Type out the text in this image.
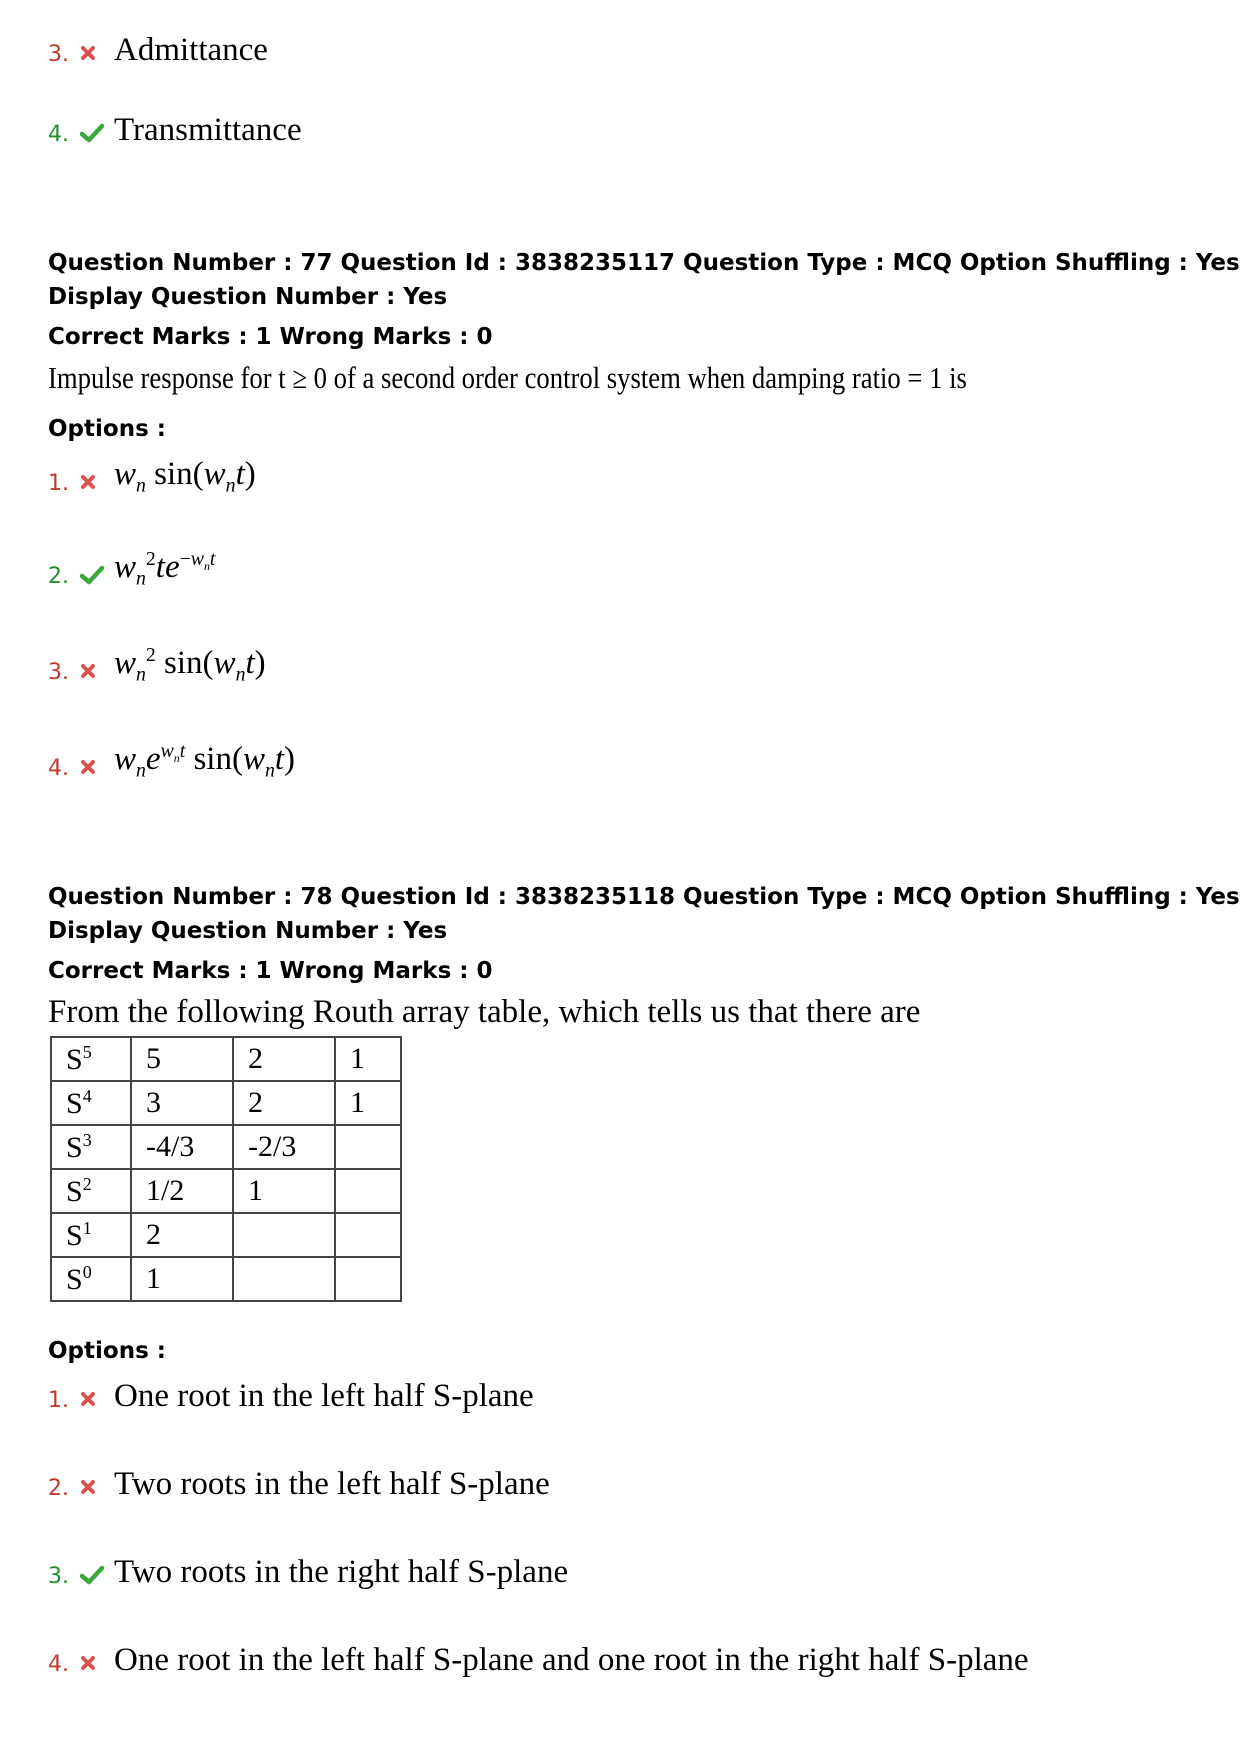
3.	Admittance
4.	Transmittance
Question Number : 77 Question Id : 3838235117 Question Type : MCQ Option Shuffling : Yes
Display Question Number : Yes
Correct Marks : 1 Wrong Marks : 0
Impulse response for t ≥ 0 of a second order control system when damping ratio = 1 is
Options :
1.	$w_n$ $\sin(w_nt)$
2.	$w_n^2te^{-w_nt}$
3.	$w_n^2$ $\sin(w_nt)$
4.	$w_ne^{w_nt}$ $\sin(w_nt)$
Question Number : 78 Question Id : 3838235118 Question Type : MCQ Option Shuffling : Yes
Display Question Number : Yes
Correct Marks : 1 Wrong Marks : 0
From the following Routh array table, which tells us that there are
$S^5$	5	2	1
$S^4$	3	2	1
$S^3$	-4/3	-2/3	
$S^2$	1/2	1	
$S^1$	2		
$S^0$	1		
Options :
1.	One root in the left half S-plane
2.	Two roots in the left half S-plane
3.	Two roots in the right half S-plane
4.	One root in the left half S-plane and one root in the right half S-plane
